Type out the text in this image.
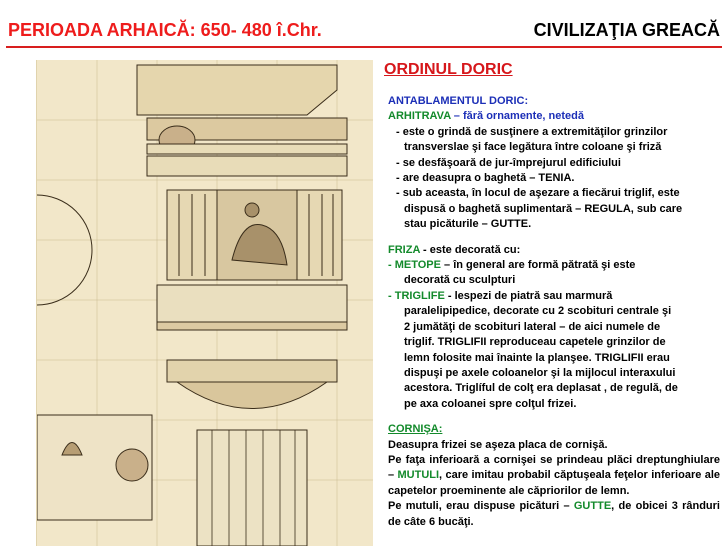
PERIOADA ARHAICĂ: 650- 480 î.Chr.	CIVILIZAŢIA GREACĂ
ORDINUL DORIC

ANTABLAMENTUL DORIC:

ARHITRAVA – fără ornamente, netedă

- este o grindă de susţinere a extremităţilor grinzilor

transverslae şi face legătura între coloane şi friză

- se desfăşoară de jur-împrejurul edificiului

- are deasupra o baghetă – TENIA.

- sub aceasta, în locul de aşezare a fiecărui triglif, este

dispusă o baghetă suplimentară – REGULA, sub care

stau picăturile – GUTTE.

FRIZA - este decorată cu:

- METOPE – în general are formă pătrată şi este

decorată cu sculpturi

- TRIGLIFE - lespezi de piatră sau marmură

paralelipipedice, decorate cu 2 scobituri centrale şi

2 jumătăţi de scobituri lateral – de aici numele de

triglif. TRIGLIFII reproduceau capetele grinzilor de

lemn folosite mai înainte la planşee. TRIGLIFII erau

dispuşi pe axele coloanelor şi la mijlocul interaxului

acestora. Triglíful de colţ era deplasat , de regulă, de

pe axa coloanei spre colţul frizei.

CORNIŞA:

Deasupra frizei se aşeza placa de cornişă.

Pe faţa inferioară a cornişei se prindeau plăci dreptunghiulare – MUTULI, care imitau probabil căptuşeala feţelor inferioare ale capetelor proeminente ale căpriorilor de lemn.

Pe mutuli, erau dispuse picături – GUTTE, de obicei 3 rânduri de câte 6 bucăţi.
